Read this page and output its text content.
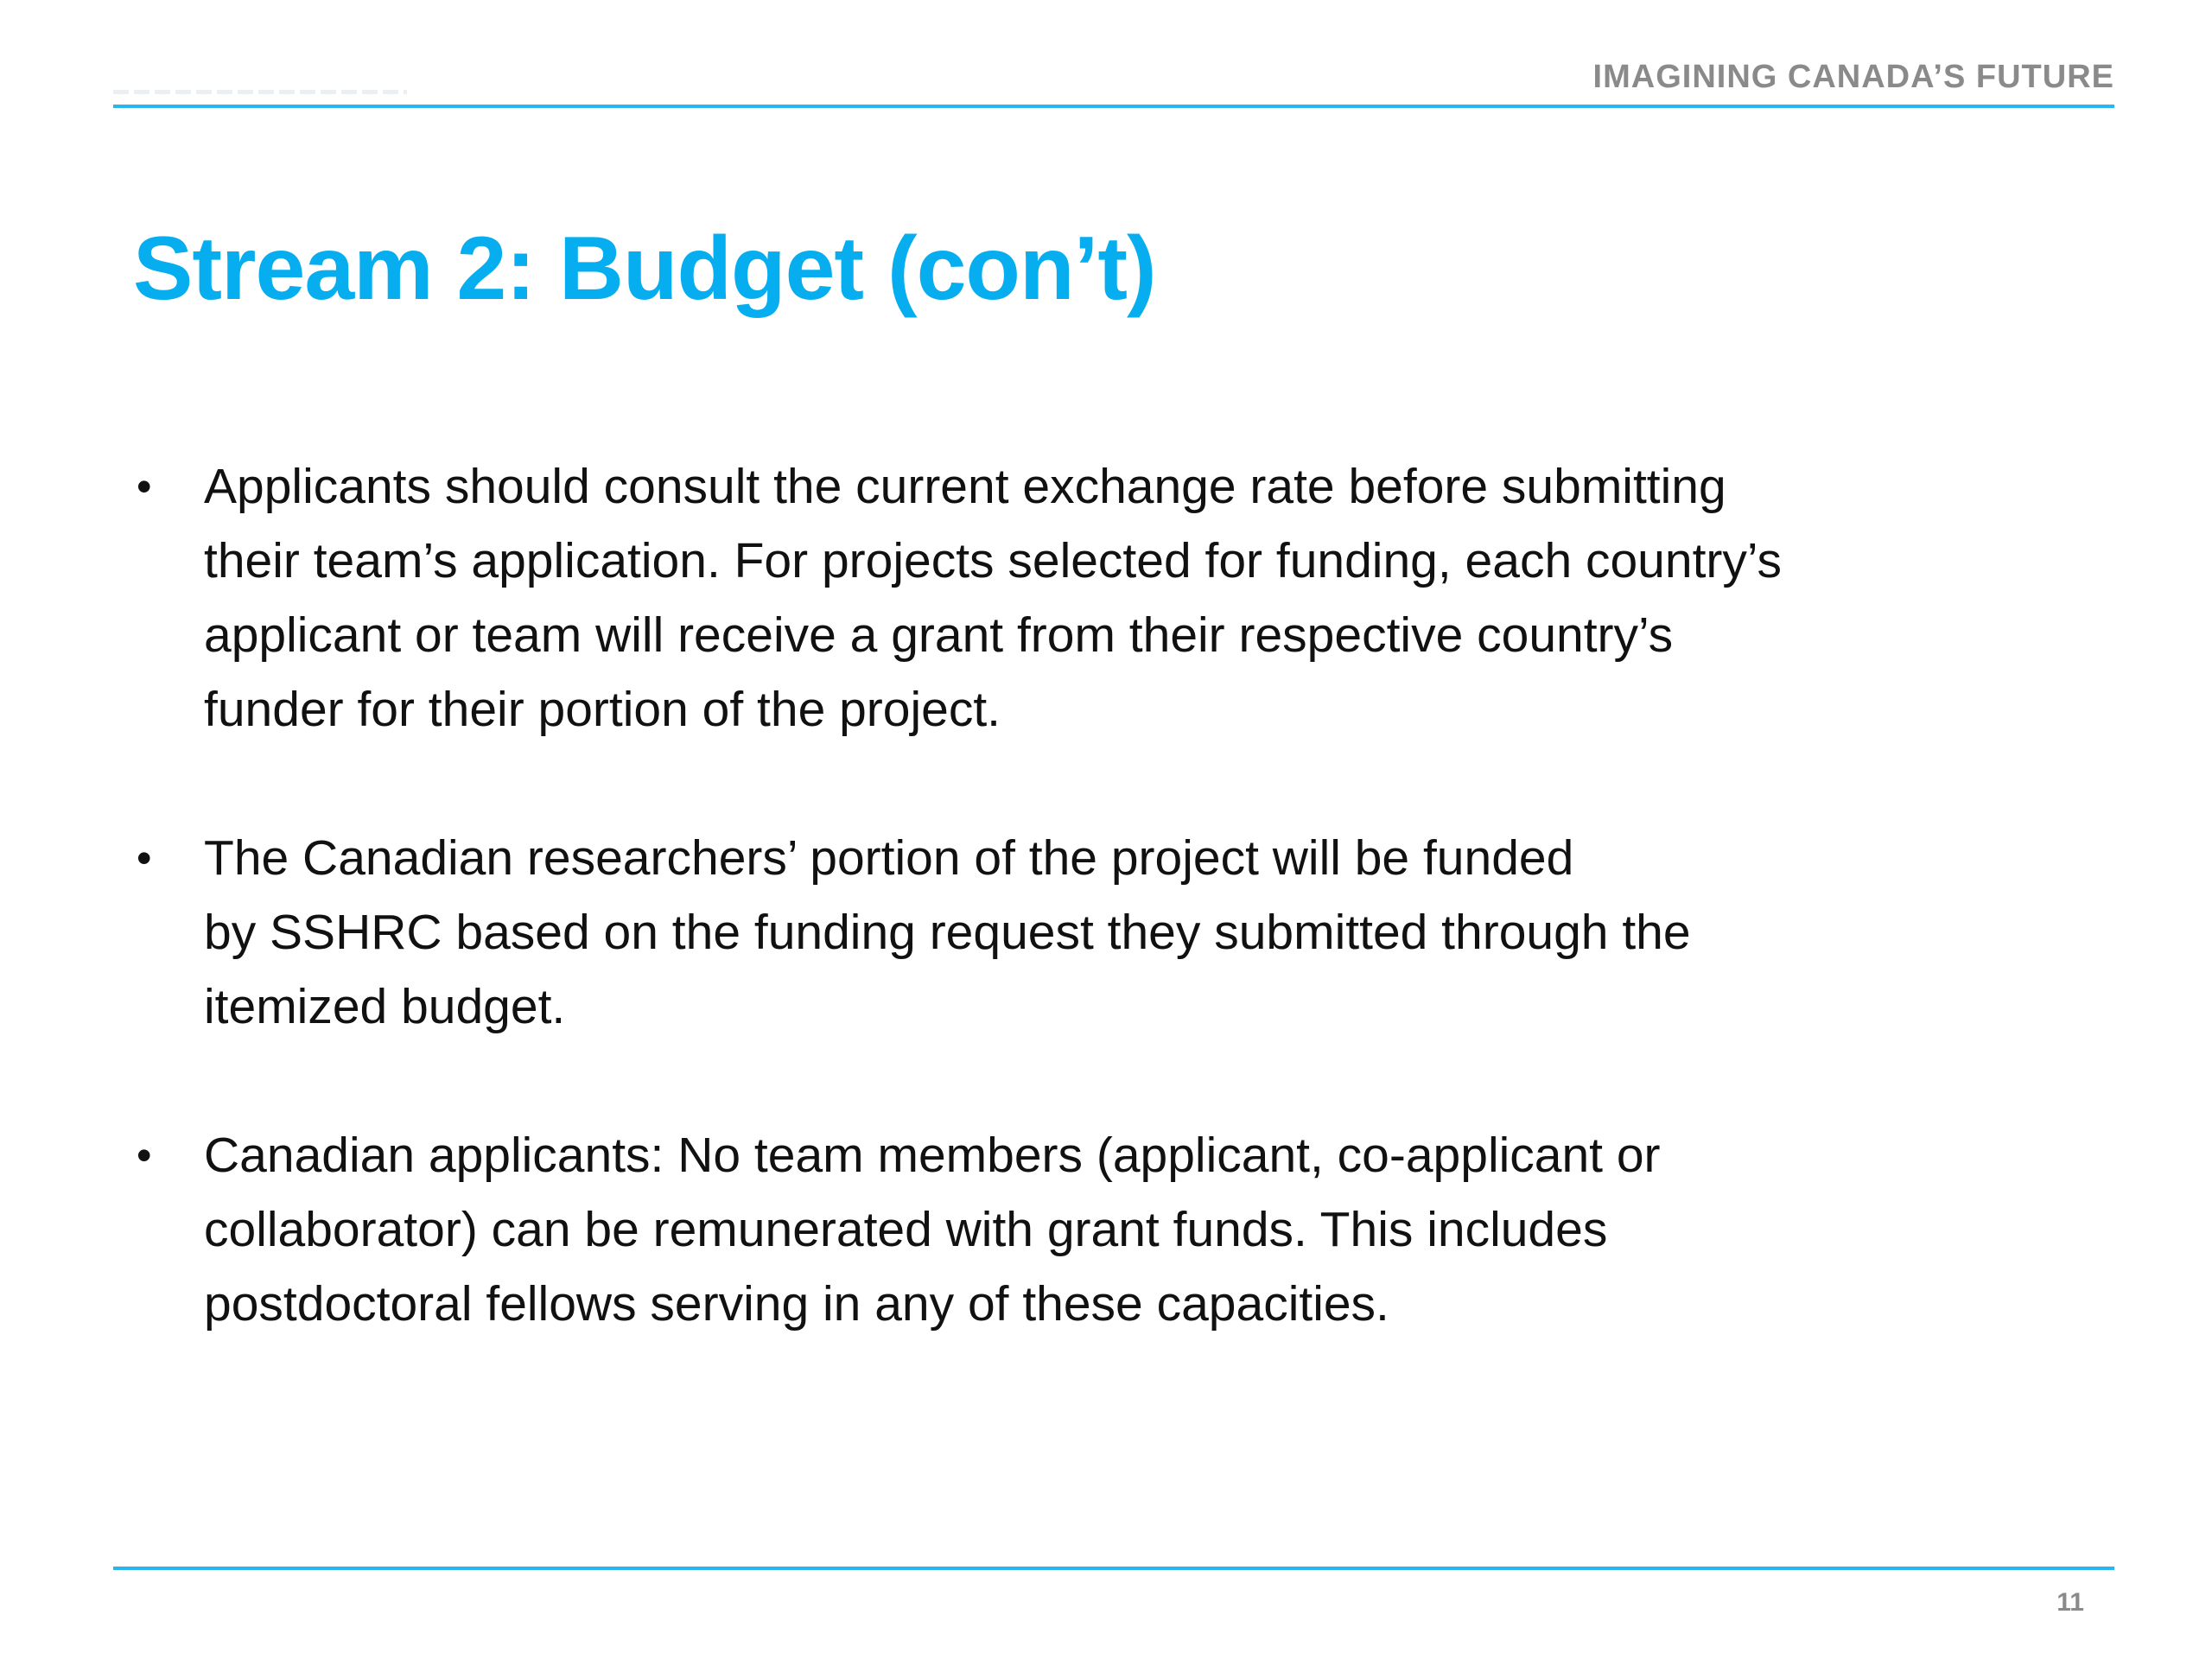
IMAGINING CANADA’S FUTURE
Stream 2: Budget (con’t)
• Applicants should consult the current exchange rate before submitting
their team’s application. For projects selected for funding, each country’s
applicant or team will receive a grant from their respective country’s
funder for their portion of the project.
• The Canadian researchers’ portion of the project will be funded
by SSHRC based on the funding request they submitted through the
itemized budget.
• Canadian applicants: No team members (applicant, co-applicant or
collaborator) can be remunerated with grant funds. This includes
postdoctoral fellows serving in any of these capacities.
11
